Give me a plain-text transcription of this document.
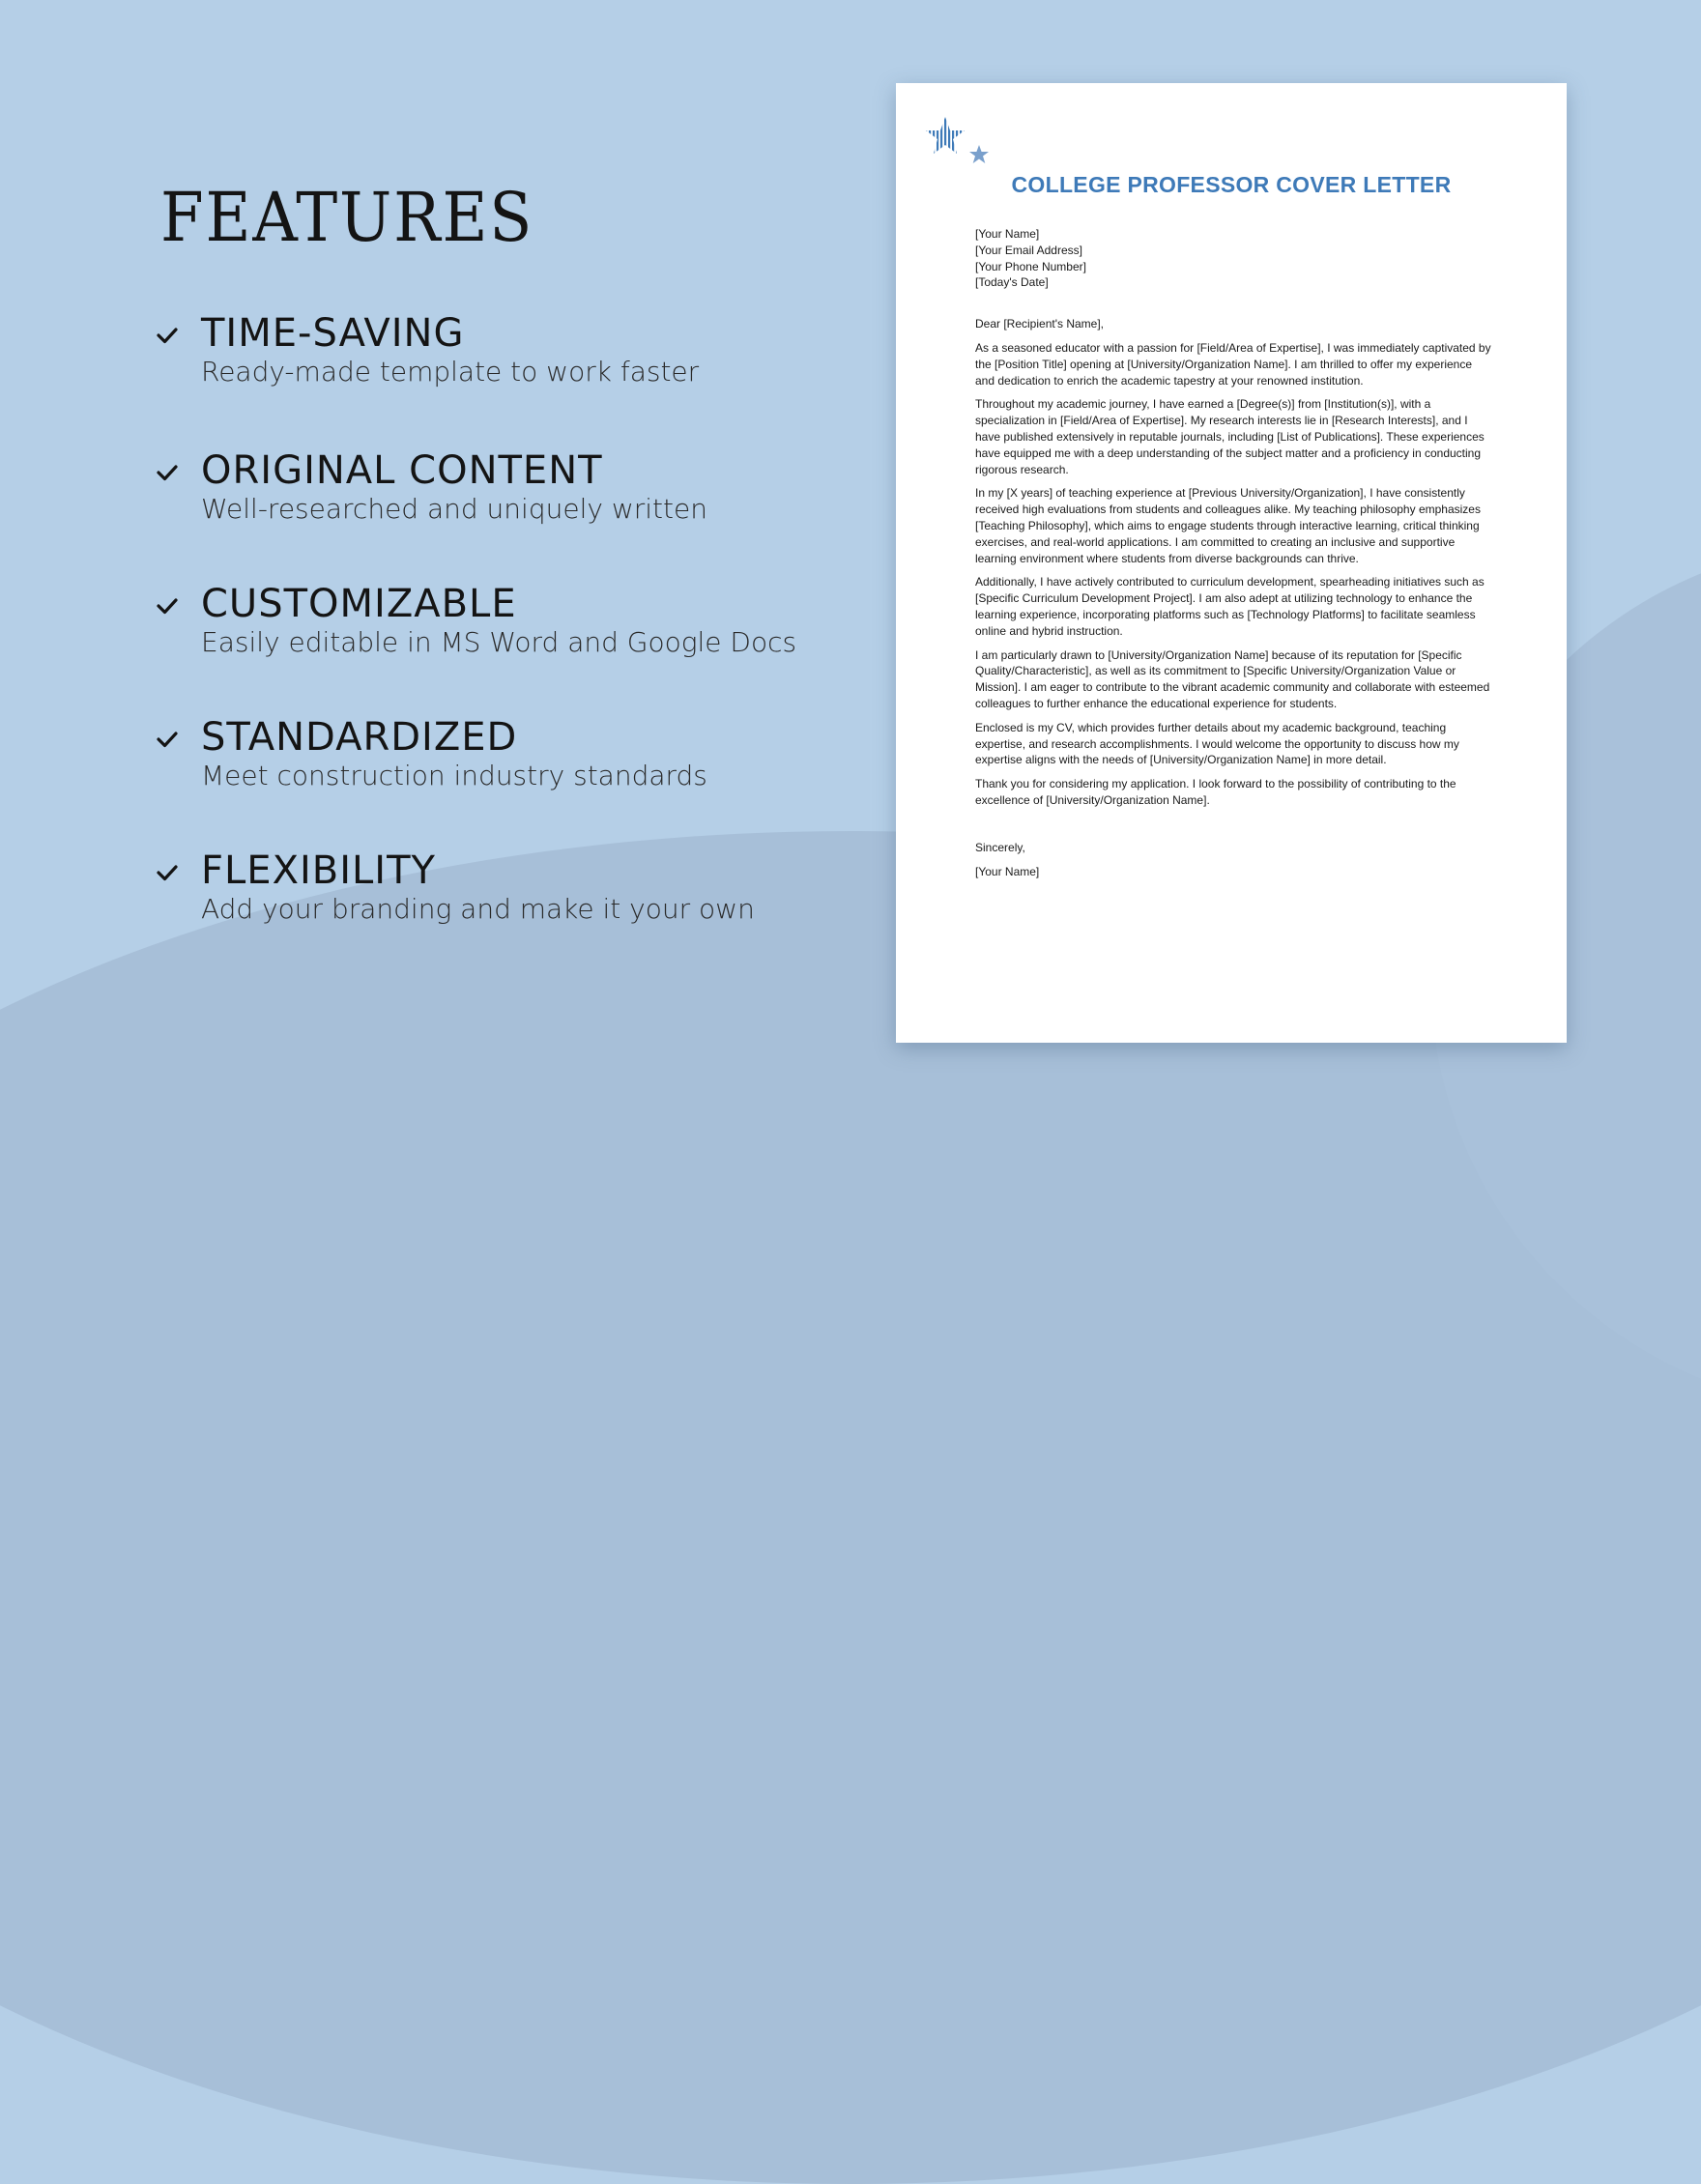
FEATURES
TIME-SAVING
Ready-made template to work faster
ORIGINAL CONTENT
Well-researched and uniquely written
CUSTOMIZABLE
Easily editable in MS Word and Google Docs
STANDARDIZED
Meet construction industry standards
FLEXIBILITY
Add your branding and make it your own
COLLEGE PROFESSOR COVER LETTER
[Your Name]
[Your Email Address]
[Your Phone Number]
[Today's Date]

Dear [Recipient's Name],

As a seasoned educator with a passion for [Field/Area of Expertise], I was immediately captivated by the [Position Title] opening at [University/Organization Name]. I am thrilled to offer my experience and dedication to enrich the academic tapestry at your renowned institution.

Throughout my academic journey, I have earned a [Degree(s)] from [Institution(s)], with a specialization in [Field/Area of Expertise]. My research interests lie in [Research Interests], and I have published extensively in reputable journals, including [List of Publications]. These experiences have equipped me with a deep understanding of the subject matter and a proficiency in conducting rigorous research.

In my [X years] of teaching experience at [Previous University/Organization], I have consistently received high evaluations from students and colleagues alike. My teaching philosophy emphasizes [Teaching Philosophy], which aims to engage students through interactive learning, critical thinking exercises, and real-world applications. I am committed to creating an inclusive and supportive learning environment where students from diverse backgrounds can thrive.

Additionally, I have actively contributed to curriculum development, spearheading initiatives such as [Specific Curriculum Development Project]. I am also adept at utilizing technology to enhance the learning experience, incorporating platforms such as [Technology Platforms] to facilitate seamless online and hybrid instruction.

I am particularly drawn to [University/Organization Name] because of its reputation for [Specific Quality/Characteristic], as well as its commitment to [Specific University/Organization Value or Mission]. I am eager to contribute to the vibrant academic community and collaborate with esteemed colleagues to further enhance the educational experience for students.

Enclosed is my CV, which provides further details about my academic background, teaching expertise, and research accomplishments. I would welcome the opportunity to discuss how my expertise aligns with the needs of [University/Organization Name] in more detail.

Thank you for considering my application. I look forward to the possibility of contributing to the excellence of [University/Organization Name].

Sincerely,

[Your Name]
